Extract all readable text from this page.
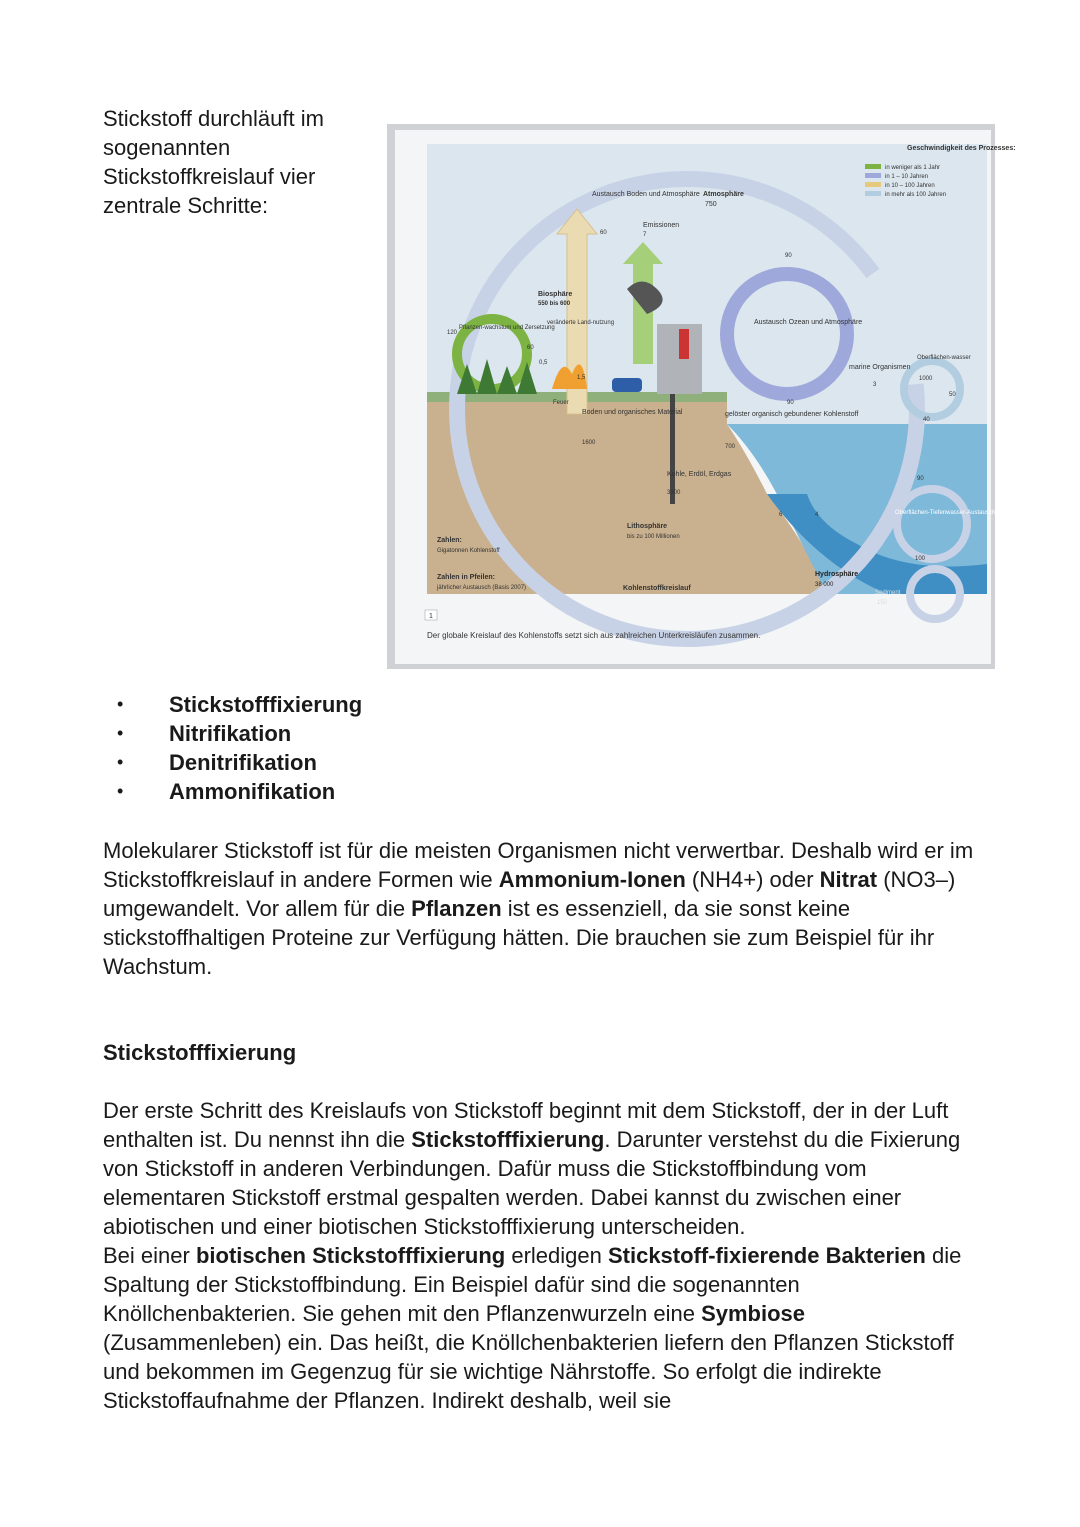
Stickstoff durchläuft im sogenannten Stickstoffkreislauf vier zentrale Schritte:
Geschwindigkeit des Prozesses:
in weniger als 1 Jahr
in 1 – 10 Jahren
in 10 – 100 Jahren
in mehr als 100 Jahren
Austausch Boden und Atmosphäre Atmosphäre
750
60
Emissionen
7
90
Biosphäre
550 bis 600
veränderte Land-nutzung
Pflanzen-wachstum und Zersetzung
120
60
0,5
1,5
Feuer
Austausch Ozean und Atmosphäre
marine Organismen
3
Oberflächen-wasser
1000
50
40
90
Boden und organisches Material
1600
gelöster organisch gebundener Kohlenstoff
700
Kohle, Erdöl, Erdgas
3300
6	4
90
Oberflächen-Tiefenwasser-Austausch
100
Lithosphäre
bis zu 100 Millionen
Zahlen:
Gigatonnen Kohlenstoff
Zahlen in Pfeilen:
jährlicher Austausch (Basis 2007)
Hydrosphäre
38 000
Sediment
150
Kohlenstoffkreislauf
1
Der globale Kreislauf des Kohlenstoffs setzt sich aus zahlreichen Unterkreisläufen zusammen.
• Stickstofffixierung
• Nitrifikation
• Denitrifikation
• Ammonifikation

Molekularer Stickstoff ist für die meisten Organismen nicht verwertbar. Deshalb wird er im Stickstoffkreislauf in andere Formen wie Ammonium-Ionen (NH4+) oder Nitrat (NO3–) umgewandelt. Vor allem für die Pflanzen ist es essenziell, da sie sonst keine stickstoffhaltigen Proteine zur Verfügung hätten. Die brauchen sie zum Beispiel für ihr Wachstum.

Stickstofffixierung

Der erste Schritt des Kreislaufs von Stickstoff beginnt mit dem Stickstoff, der in der Luft enthalten ist. Du nennst ihn die Stickstofffixierung. Darunter verstehst du die Fixierung von Stickstoff in anderen Verbindungen. Dafür muss die Stickstoffbindung vom elementaren Stickstoff erstmal gespalten werden. Dabei kannst du zwischen einer abiotischen und einer biotischen Stickstofffixierung unterscheiden.
Bei einer biotischen Stickstofffixierung erledigen Stickstoff-fixierende Bakterien die Spaltung der Stickstoffbindung. Ein Beispiel dafür sind die sogenannten Knöllchenbakterien. Sie gehen mit den Pflanzenwurzeln eine Symbiose (Zusammenleben) ein. Das heißt, die Knöllchenbakterien liefern den Pflanzen Stickstoff und bekommen im Gegenzug für sie wichtige Nährstoffe. So erfolgt die indirekte Stickstoffaufnahme der Pflanzen. Indirekt deshalb, weil sie
